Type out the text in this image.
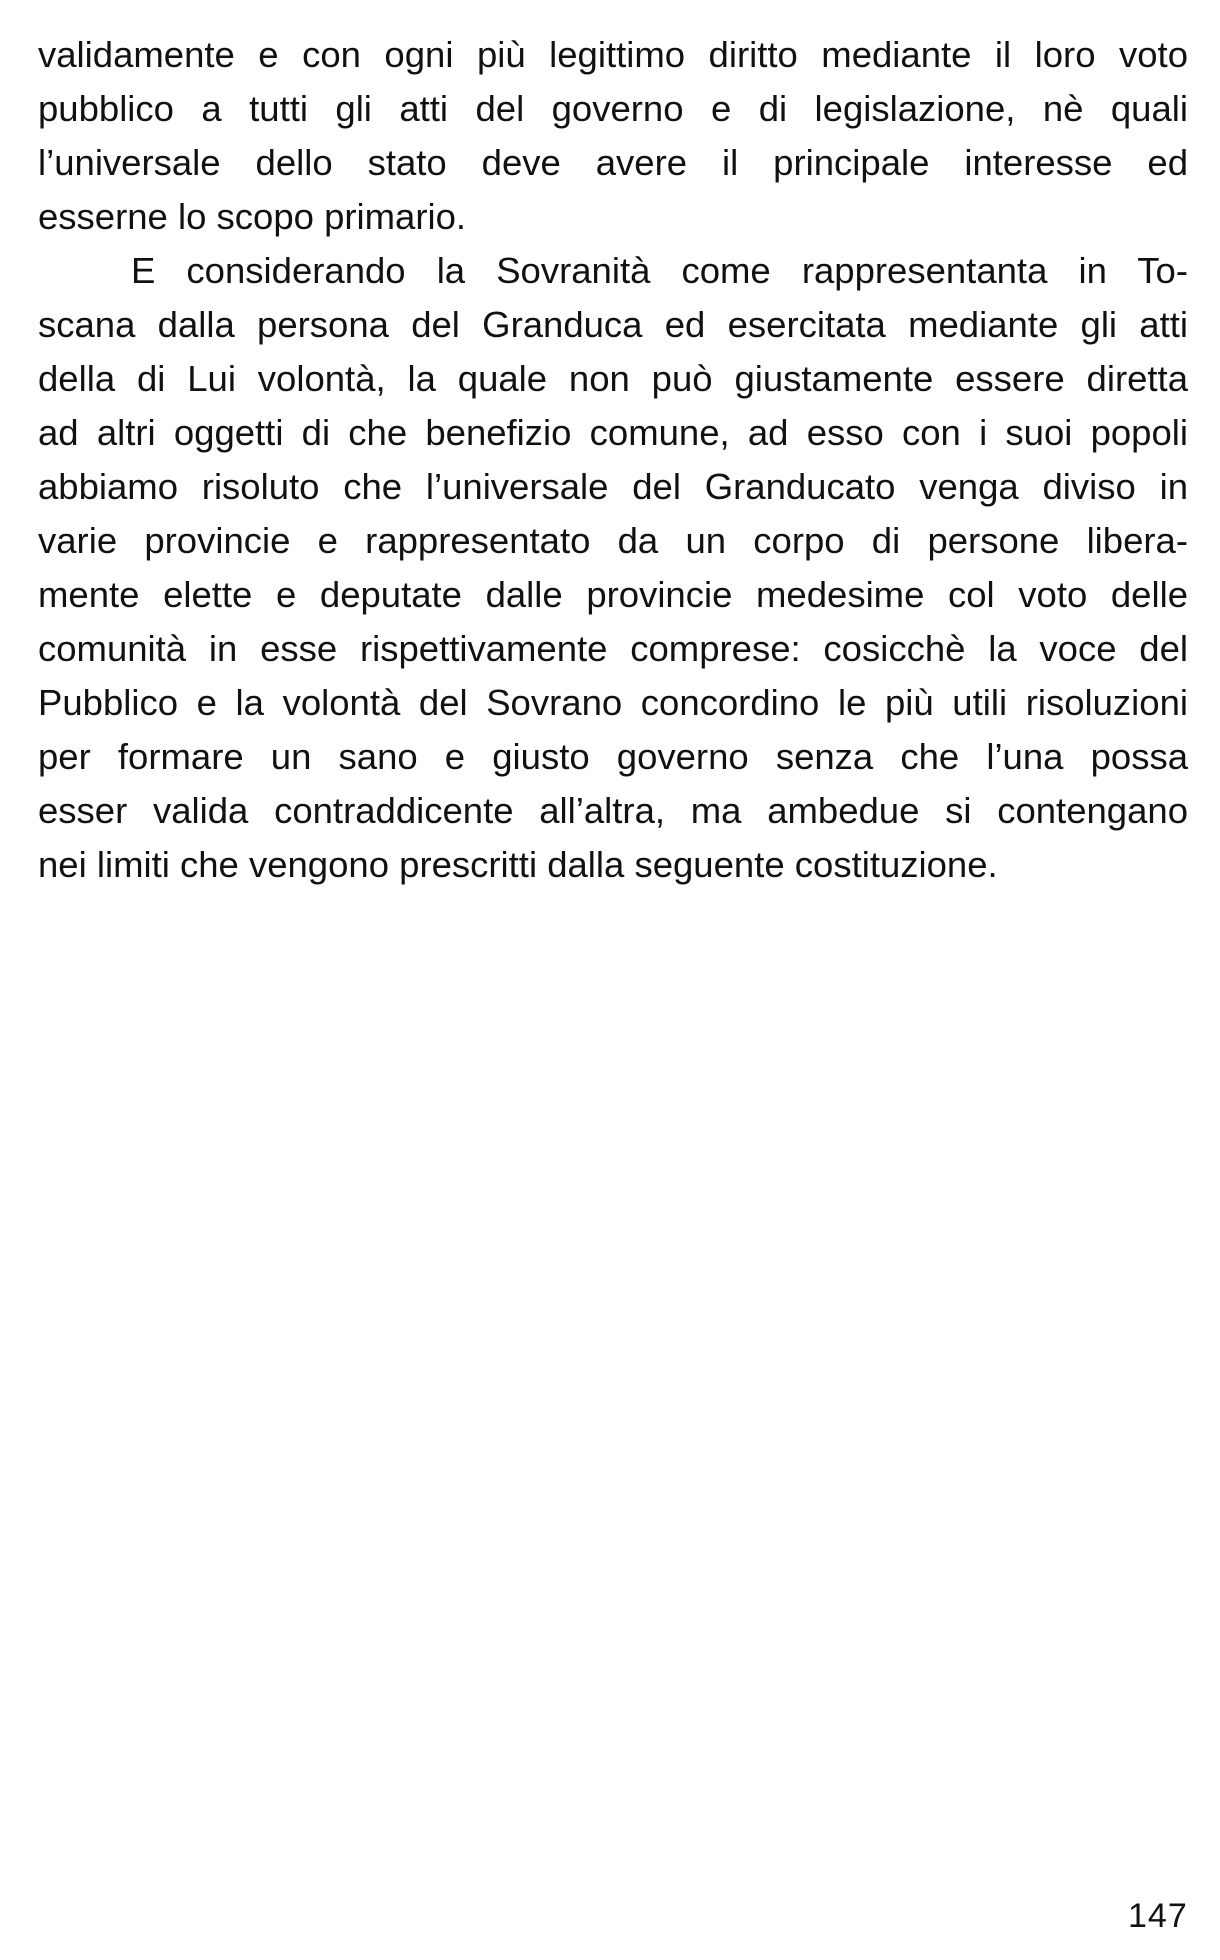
validamente e con ogni più legittimo diritto mediante il loro voto
pubblico a tutti gli atti del governo e di legislazione, nè quali
l’universale dello stato deve avere il principale interesse ed
esserne lo scopo primario.
E considerando la Sovranità come rappresentanta in To-
scana dalla persona del Granduca ed esercitata mediante gli atti
della di Lui volontà, la quale non può giustamente essere diretta
ad altri oggetti di che benefizio comune, ad esso con i suoi popoli
abbiamo risoluto che l’universale del Granducato venga diviso in
varie provincie e rappresentato da un corpo di persone libera-
mente elette e deputate dalle provincie medesime col voto delle
comunità in esse rispettivamente comprese: cosicchè la voce del
Pubblico e la volontà del Sovrano concordino le più utili risoluzioni
per formare un sano e giusto governo senza che l’una possa
esser valida contraddicente all’altra, ma ambedue si contengano
nei limiti che vengono prescritti dalla seguente costituzione.
147
